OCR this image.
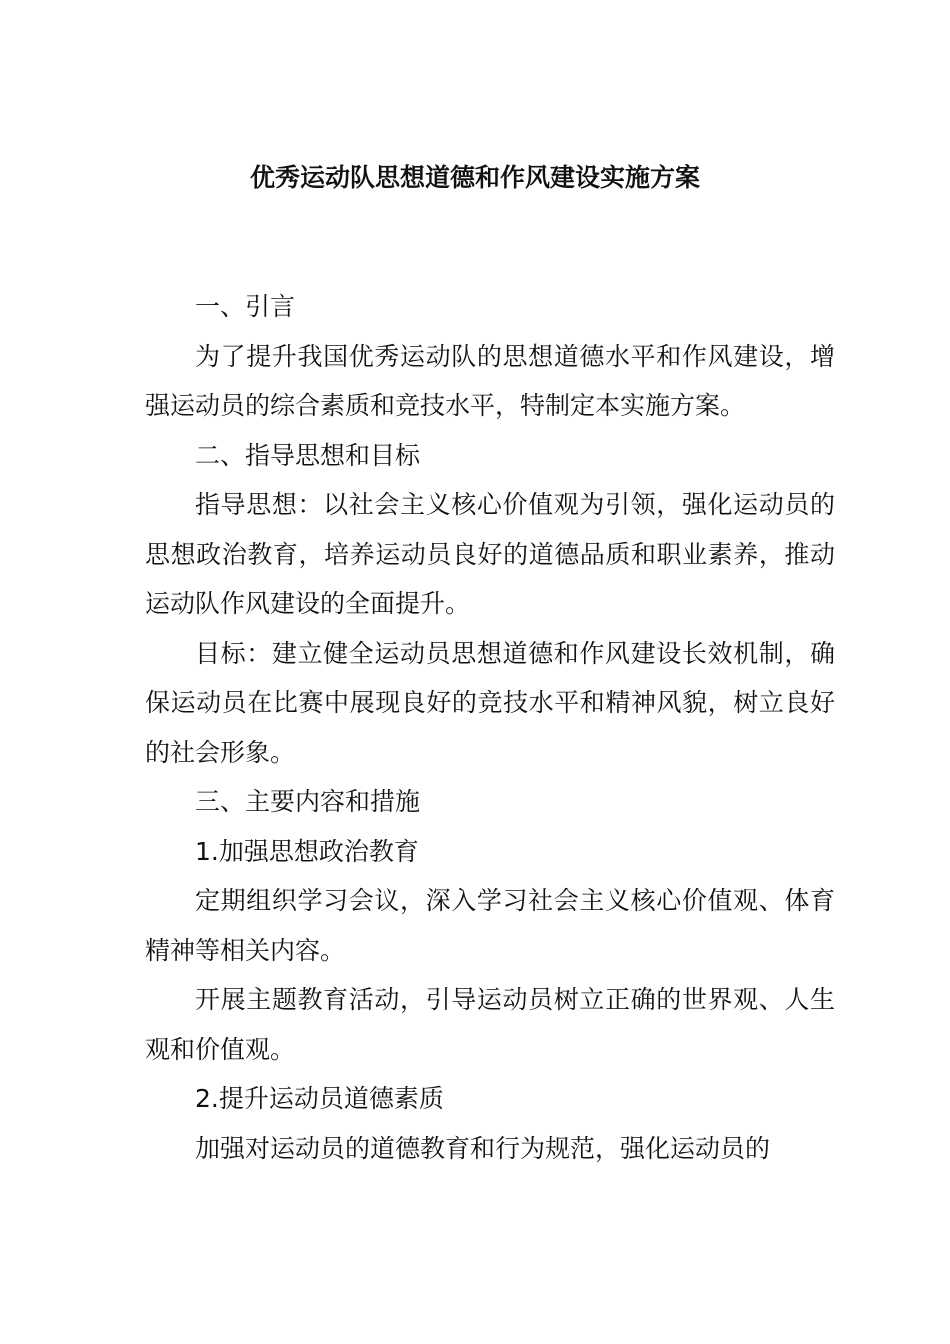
优秀运动队思想道德和作风建设实施方案

一、引言

为了提升我国优秀运动队的思想道德水平和作风建设，增强运动员的综合素质和竞技水平，特制定本实施方案。

二、指导思想和目标

指导思想：以社会主义核心价值观为引领，强化运动员的思想政治教育，培养运动员良好的道德品质和职业素养，推动运动队作风建设的全面提升。

目标：建立健全运动员思想道德和作风建设长效机制，确保运动员在比赛中展现良好的竞技水平和精神风貌，树立良好的社会形象。

三、主要内容和措施

1.加强思想政治教育

定期组织学习会议，深入学习社会主义核心价值观、体育精神等相关内容。

开展主题教育活动，引导运动员树立正确的世界观、人生观和价值观。

2.提升运动员道德素质

加强对运动员的道德教育和行为规范，强化运动员的
